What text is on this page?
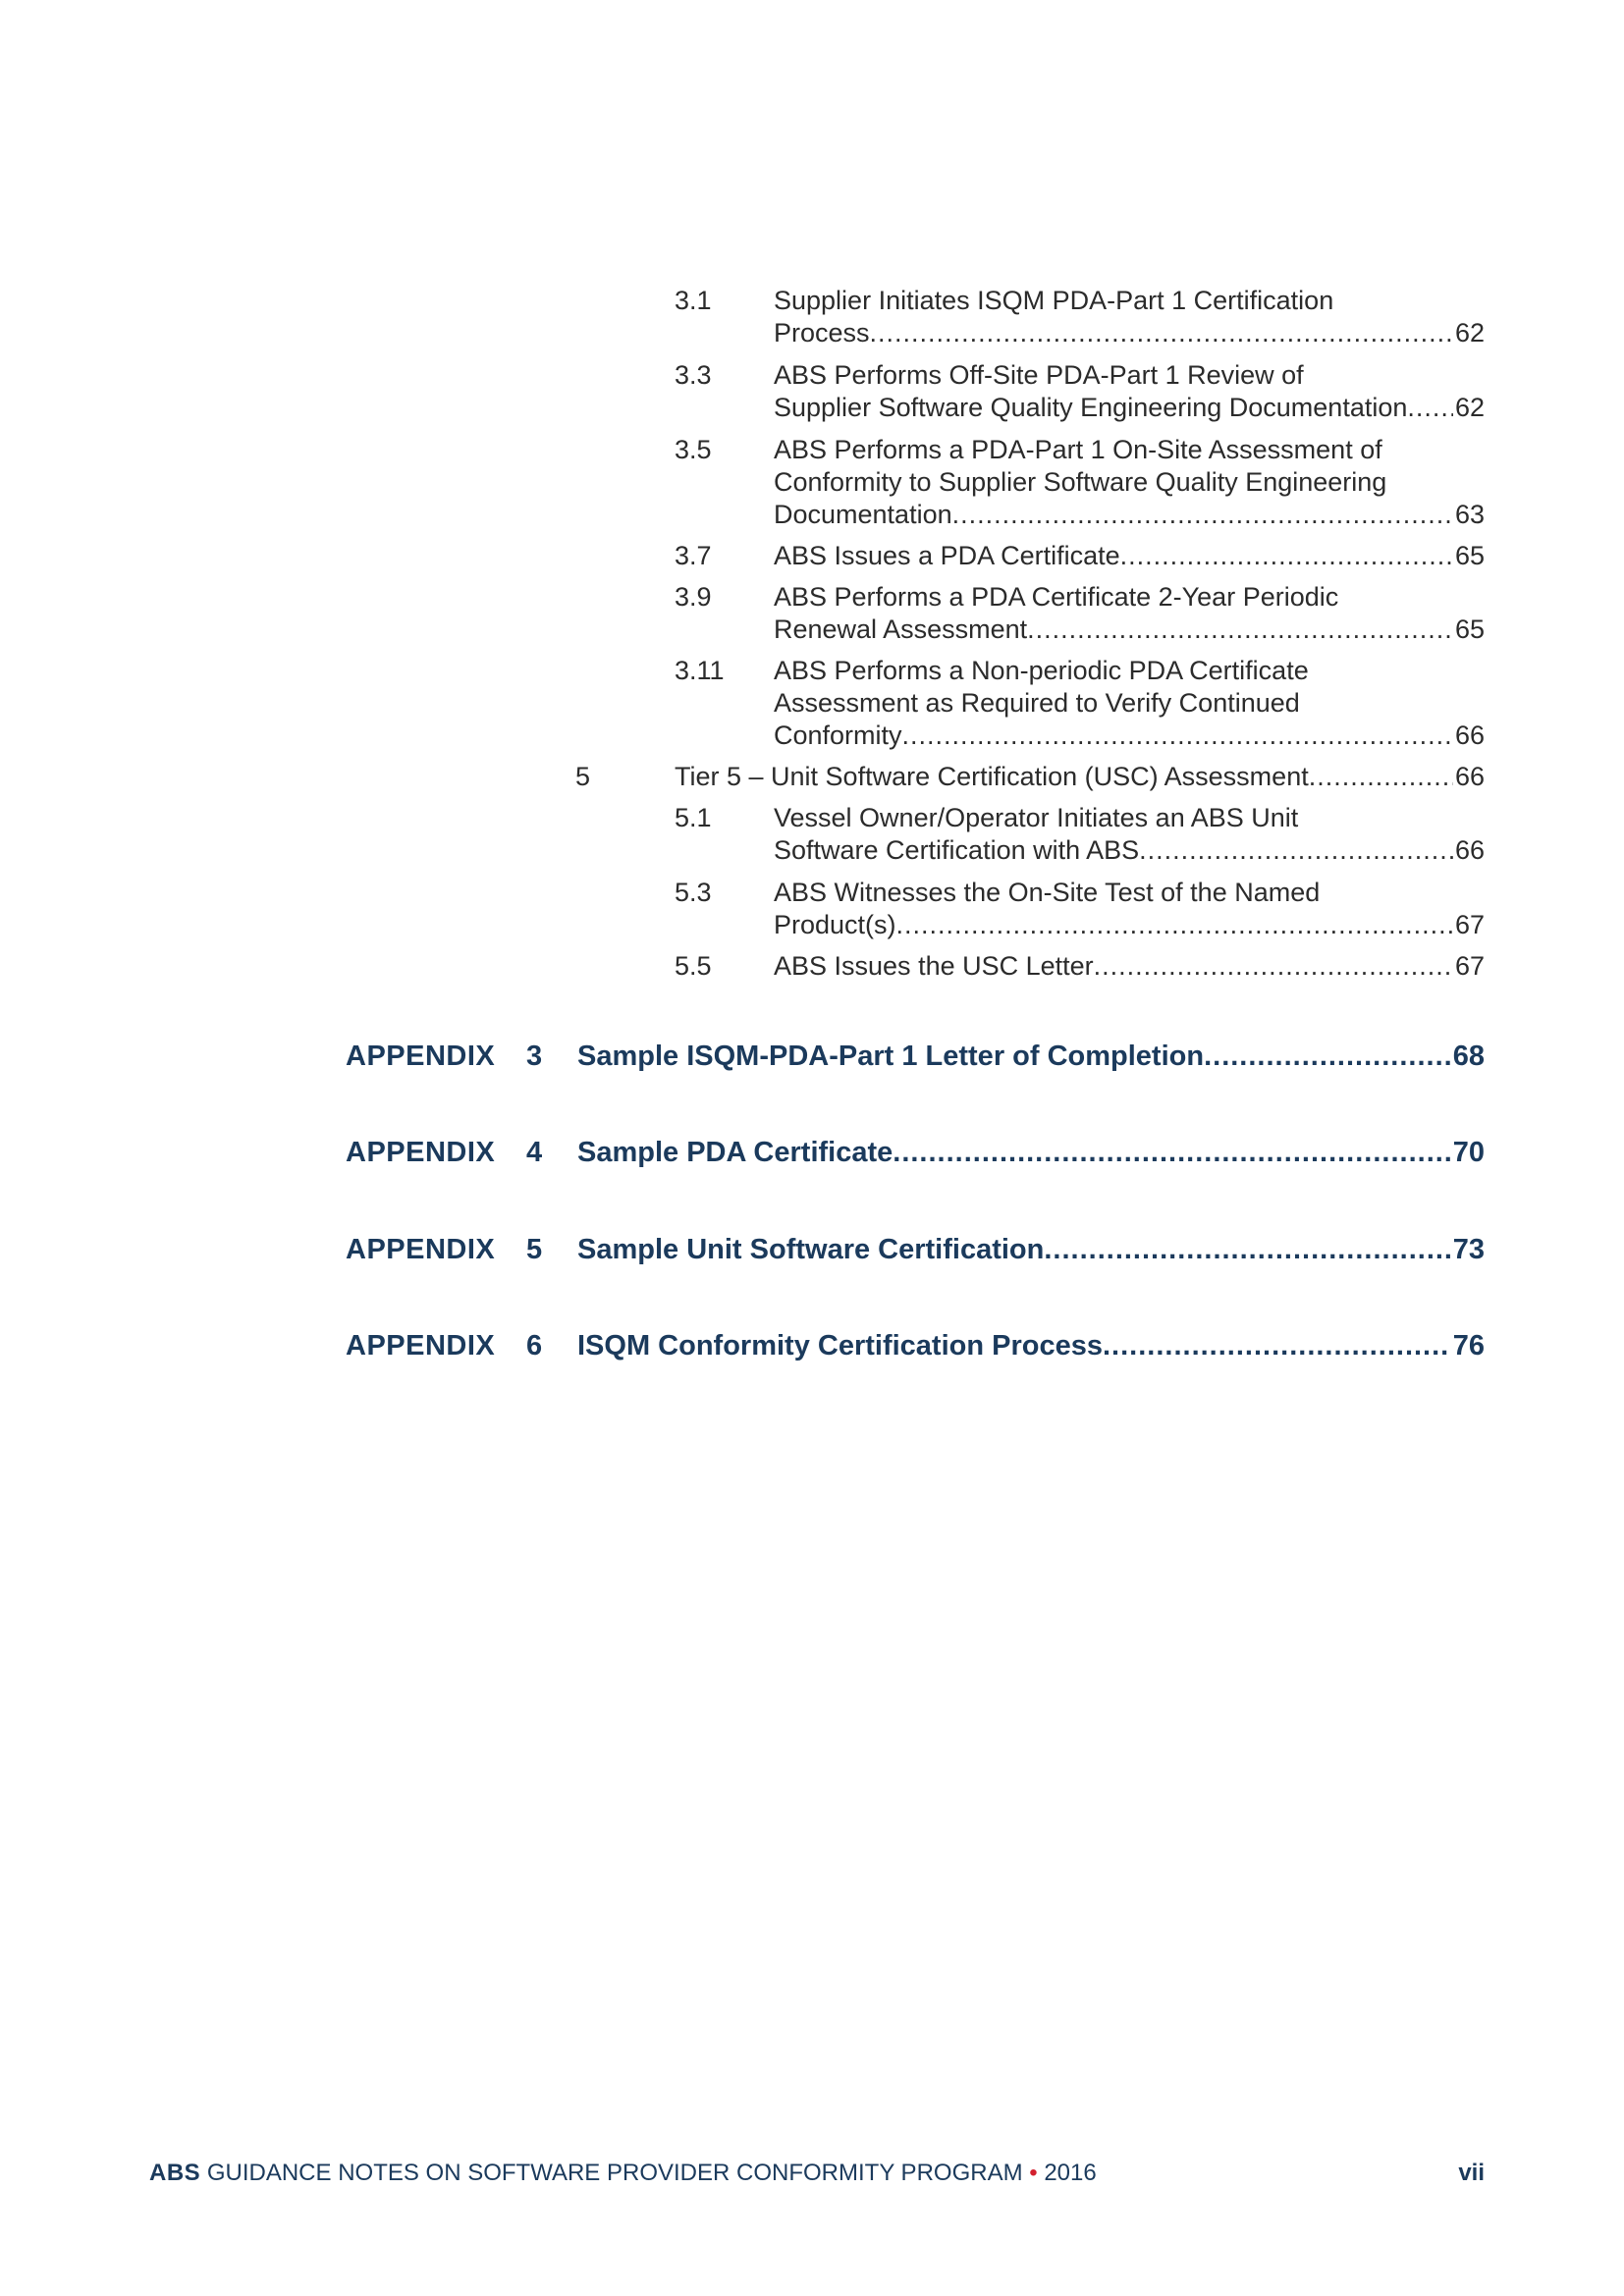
3.1 Supplier Initiates ISQM PDA-Part 1 Certification
Process .....	62
3.3 ABS Performs Off-Site PDA-Part 1 Review of
Supplier Software Quality Engineering Documentation ..... 62
3.5 ABS Performs a PDA-Part 1 On-Site Assessment of
Conformity to Supplier Software Quality Engineering
Documentation .....	63
3.7 ABS Issues a PDA Certificate .....	65
3.9 ABS Performs a PDA Certificate 2-Year Periodic
Renewal Assessment .....	65
3.11 ABS Performs a Non-periodic PDA Certificate
Assessment as Required to Verify Continued
Conformity .....	66
5	Tier 5 – Unit Software Certification (USC) Assessment .....	66
5.1 Vessel Owner/Operator Initiates an ABS Unit
Software Certification with ABS .....	66
5.3 ABS Witnesses the On-Site Test of the Named
Product(s) .....	67
5.5 ABS Issues the USC Letter .....	67
APPENDIX 3 Sample ISQM-PDA-Part 1 Letter of Completion .....	68
APPENDIX 4 Sample PDA Certificate .....	70
APPENDIX 5 Sample Unit Software Certification .....	73
APPENDIX 6 ISQM Conformity Certification Process .....	76
ABS GUIDANCE NOTES ON SOFTWARE PROVIDER CONFORMITY PROGRAM • 2016	vii
